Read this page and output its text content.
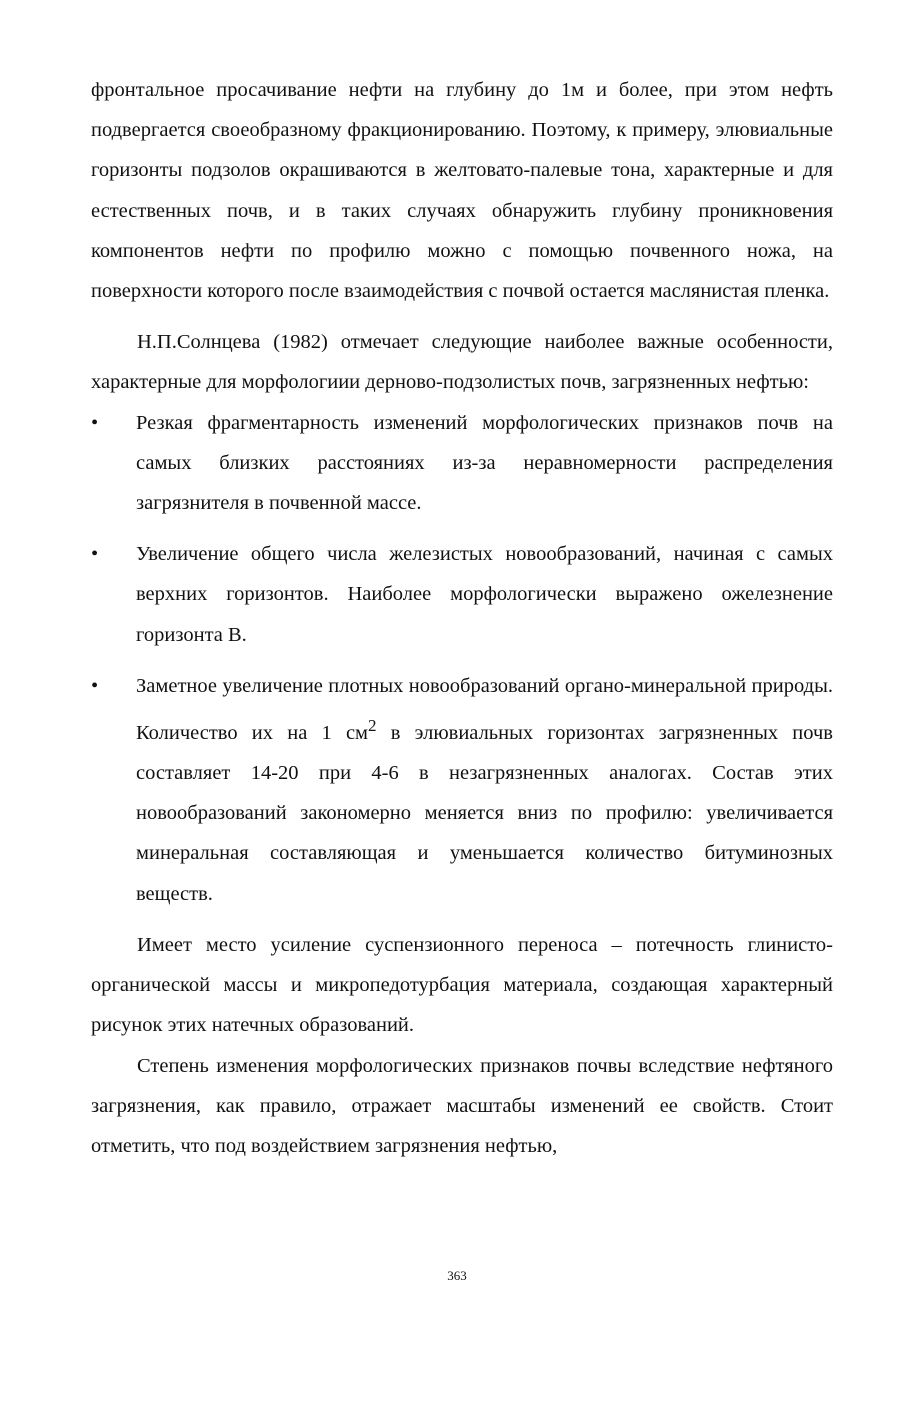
фронтальное просачивание нефти на глубину до 1м и более, при этом нефть подвергается своеобразному фракционированию. Поэтому, к примеру, элювиальные горизонты подзолов окрашиваются в желтовато-палевые тона, характерные и для естественных почв, и в таких случаях обнаружить глубину проникновения компонентов нефти по профилю можно с помощью почвенного ножа, на поверхности которого после взаимодействия с почвой остается маслянистая пленка.

Н.П.Солнцева (1982) отмечает следующие наиболее важные особенности, характерные для морфологиии дерново-подзолистых почв, загрязненных нефтью:

• Резкая фрагментарность изменений морфологических признаков почв на самых близких расстояниях из-за неравномерности распределения загрязнителя в почвенной массе.

• Увеличение общего числа железистых новообразований, начиная с самых верхних горизонтов. Наиболее морфологически выражено ожелезнение горизонта В.

• Заметное увеличение плотных новообразований органо-минеральной природы. Количество их на 1 $см^2$ в элювиальных горизонтах загрязненных почв составляет 14-20 при 4-6 в незагрязненных аналогах. Состав этих новообразований закономерно меняется вниз по профилю: увеличивается минеральная составляющая и уменьшается количество битуминозных веществ.

Имеет место усиление суспензионного переноса – потечность глинисто-органической массы и микропедотурбация материала, создающая характерный рисунок этих натечных образований.

Степень изменения морфологических признаков почвы вследствие нефтяного загрязнения, как правило, отражает масштабы изменений ее свойств. Стоит отметить, что под воздействием загрязнения нефтью,

363
